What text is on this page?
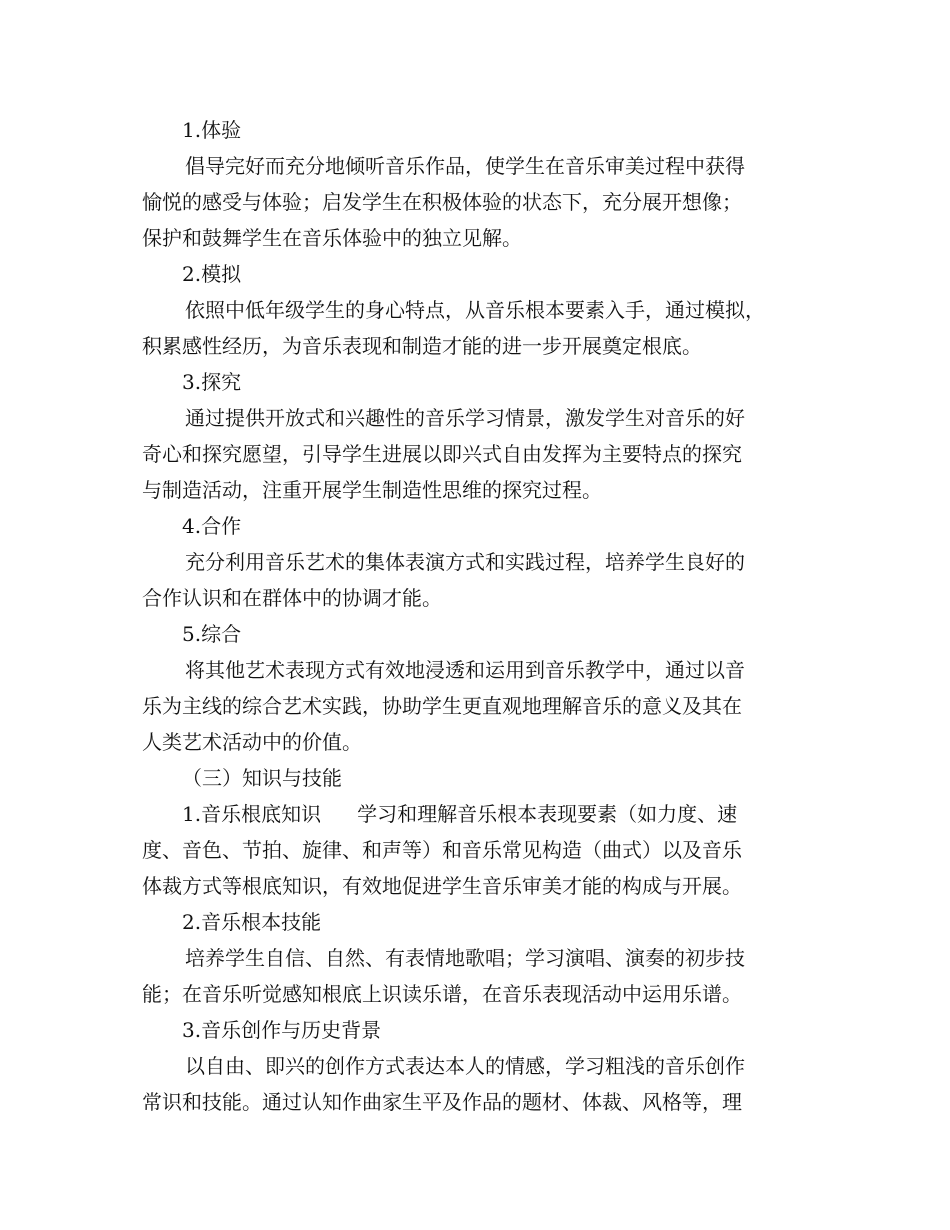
1.体验
倡导完好而充分地倾听音乐作品，使学生在音乐审美过程中获得
愉悦的感受与体验；启发学生在积极体验的状态下，充分展开想像；
保护和鼓舞学生在音乐体验中的独立见解。
2.模拟
依照中低年级学生的身心特点，从音乐根本要素入手，通过模拟，
积累感性经历，为音乐表现和制造才能的进一步开展奠定根底。
3.探究
通过提供开放式和兴趣性的音乐学习情景，激发学生对音乐的好
奇心和探究愿望，引导学生进展以即兴式自由发挥为主要特点的探究
与制造活动，注重开展学生制造性思维的探究过程。
4.合作
充分利用音乐艺术的集体表演方式和实践过程，培养学生良好的
合作认识和在群体中的协调才能。
5.综合
将其他艺术表现方式有效地浸透和运用到音乐教学中，通过以音
乐为主线的综合艺术实践，协助学生更直观地理解音乐的意义及其在
人类艺术活动中的价值。
（三）知识与技能
1.音乐根底知识 学习和理解音乐根本表现要素（如力度、速
度、音色、节拍、旋律、和声等）和音乐常见构造（曲式）以及音乐
体裁方式等根底知识，有效地促进学生音乐审美才能的构成与开展。
2.音乐根本技能
培养学生自信、自然、有表情地歌唱；学习演唱、演奏的初步技
能；在音乐听觉感知根底上识读乐谱，在音乐表现活动中运用乐谱。
3.音乐创作与历史背景
以自由、即兴的创作方式表达本人的情感，学习粗浅的音乐创作
常识和技能。通过认知作曲家生平及作品的题材、体裁、风格等，理
